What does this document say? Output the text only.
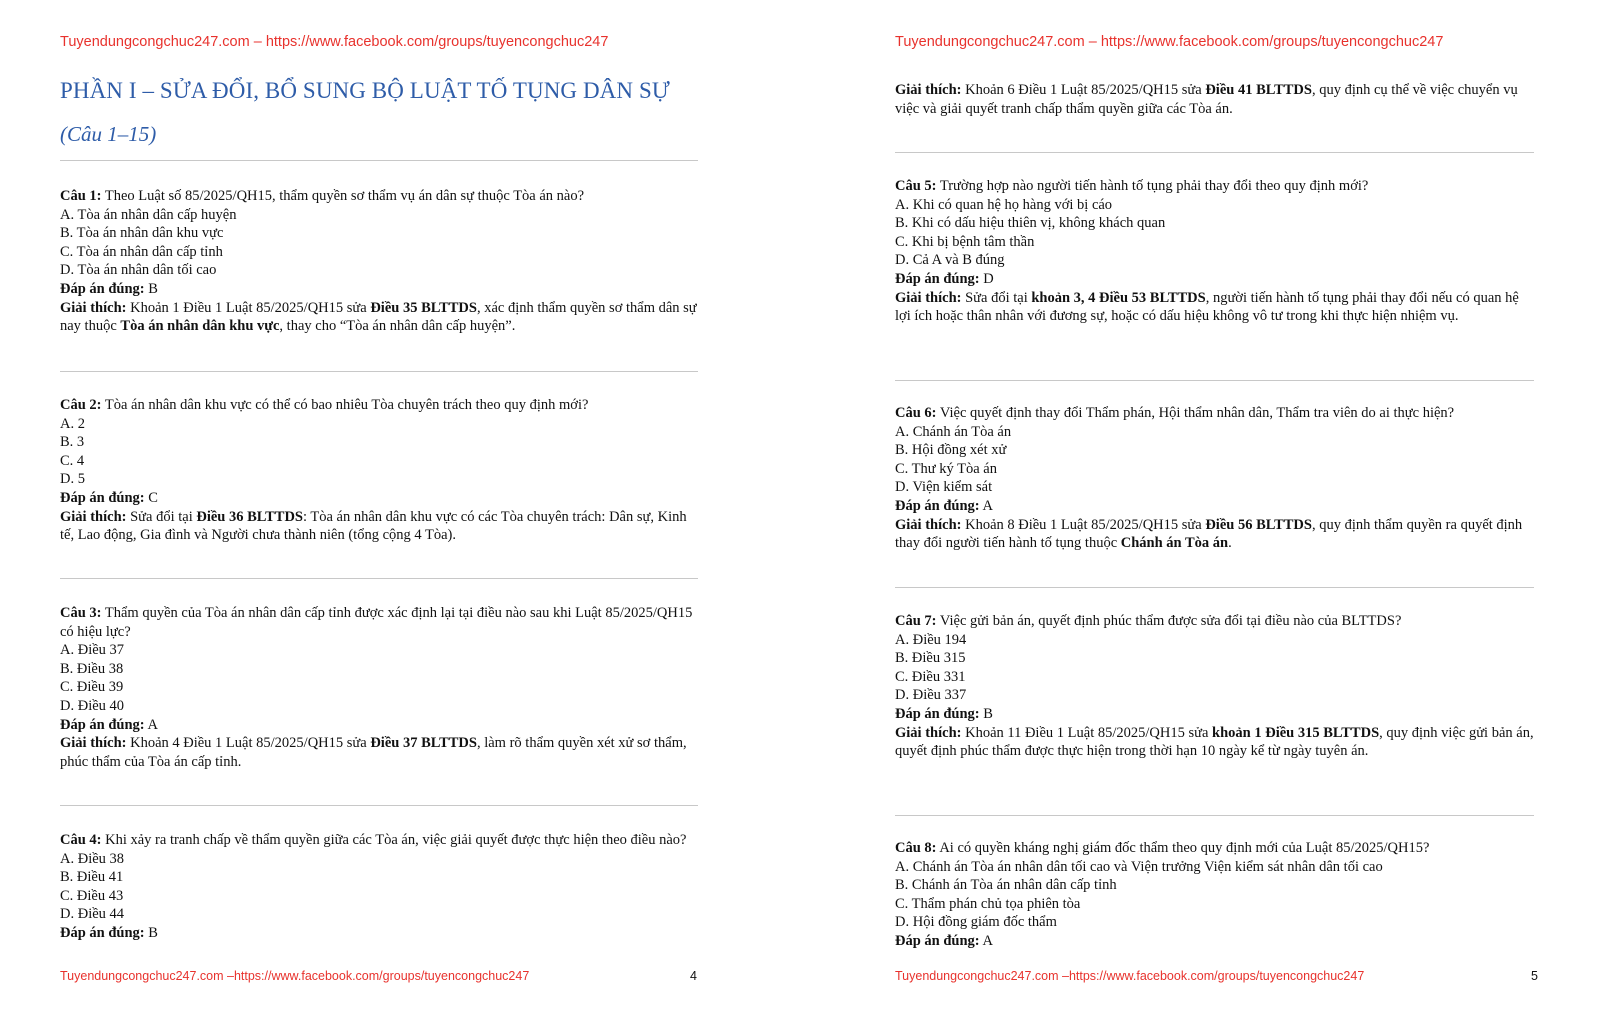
Tuyendungcongchuc247.com – https://www.facebook.com/groups/tuyencongchuc247
PHẦN I – SỬA ĐỔI, BỔ SUNG BỘ LUẬT TỐ TỤNG DÂN SỰ
(Câu 1–15)
Câu 1: Theo Luật số 85/2025/QH15, thẩm quyền sơ thẩm vụ án dân sự thuộc Tòa án nào?
A. Tòa án nhân dân cấp huyện
B. Tòa án nhân dân khu vực
C. Tòa án nhân dân cấp tỉnh
D. Tòa án nhân dân tối cao
Đáp án đúng: B
Giải thích: Khoản 1 Điều 1 Luật 85/2025/QH15 sửa Điều 35 BLTTDS, xác định thẩm quyền sơ thẩm dân sự nay thuộc Tòa án nhân dân khu vực, thay cho “Tòa án nhân dân cấp huyện”.
Câu 2: Tòa án nhân dân khu vực có thể có bao nhiêu Tòa chuyên trách theo quy định mới?
A. 2
B. 3
C. 4
D. 5
Đáp án đúng: C
Giải thích: Sửa đổi tại Điều 36 BLTTDS: Tòa án nhân dân khu vực có các Tòa chuyên trách: Dân sự, Kinh tế, Lao động, Gia đình và Người chưa thành niên (tổng cộng 4 Tòa).
Câu 3: Thẩm quyền của Tòa án nhân dân cấp tỉnh được xác định lại tại điều nào sau khi Luật 85/2025/QH15 có hiệu lực?
A. Điều 37
B. Điều 38
C. Điều 39
D. Điều 40
Đáp án đúng: A
Giải thích: Khoản 4 Điều 1 Luật 85/2025/QH15 sửa Điều 37 BLTTDS, làm rõ thẩm quyền xét xử sơ thẩm, phúc thẩm của Tòa án cấp tỉnh.
Câu 4: Khi xảy ra tranh chấp về thẩm quyền giữa các Tòa án, việc giải quyết được thực hiện theo điều nào?
A. Điều 38
B. Điều 41
C. Điều 43
D. Điều 44
Đáp án đúng: B
Tuyendungcongchuc247.com –https://www.facebook.com/groups/tuyencongchuc247	4
Tuyendungcongchuc247.com – https://www.facebook.com/groups/tuyencongchuc247
Giải thích: Khoản 6 Điều 1 Luật 85/2025/QH15 sửa Điều 41 BLTTDS, quy định cụ thể về việc chuyển vụ việc và giải quyết tranh chấp thẩm quyền giữa các Tòa án.
Câu 5: Trường hợp nào người tiến hành tố tụng phải thay đổi theo quy định mới?
A. Khi có quan hệ họ hàng với bị cáo
B. Khi có dấu hiệu thiên vị, không khách quan
C. Khi bị bệnh tâm thần
D. Cả A và B đúng
Đáp án đúng: D
Giải thích: Sửa đổi tại khoản 3, 4 Điều 53 BLTTDS, người tiến hành tố tụng phải thay đổi nếu có quan hệ lợi ích hoặc thân nhân với đương sự, hoặc có dấu hiệu không vô tư trong khi thực hiện nhiệm vụ.
Câu 6: Việc quyết định thay đổi Thẩm phán, Hội thẩm nhân dân, Thẩm tra viên do ai thực hiện?
A. Chánh án Tòa án
B. Hội đồng xét xử
C. Thư ký Tòa án
D. Viện kiểm sát
Đáp án đúng: A
Giải thích: Khoản 8 Điều 1 Luật 85/2025/QH15 sửa Điều 56 BLTTDS, quy định thẩm quyền ra quyết định thay đổi người tiến hành tố tụng thuộc Chánh án Tòa án.
Câu 7: Việc gửi bản án, quyết định phúc thẩm được sửa đổi tại điều nào của BLTTDS?
A. Điều 194
B. Điều 315
C. Điều 331
D. Điều 337
Đáp án đúng: B
Giải thích: Khoản 11 Điều 1 Luật 85/2025/QH15 sửa khoản 1 Điều 315 BLTTDS, quy định việc gửi bản án, quyết định phúc thẩm được thực hiện trong thời hạn 10 ngày kể từ ngày tuyên án.
Câu 8: Ai có quyền kháng nghị giám đốc thẩm theo quy định mới của Luật 85/2025/QH15?
A. Chánh án Tòa án nhân dân tối cao và Viện trưởng Viện kiểm sát nhân dân tối cao
B. Chánh án Tòa án nhân dân cấp tỉnh
C. Thẩm phán chủ tọa phiên tòa
D. Hội đồng giám đốc thẩm
Đáp án đúng: A
Tuyendungcongchuc247.com –https://www.facebook.com/groups/tuyencongchuc247	5
